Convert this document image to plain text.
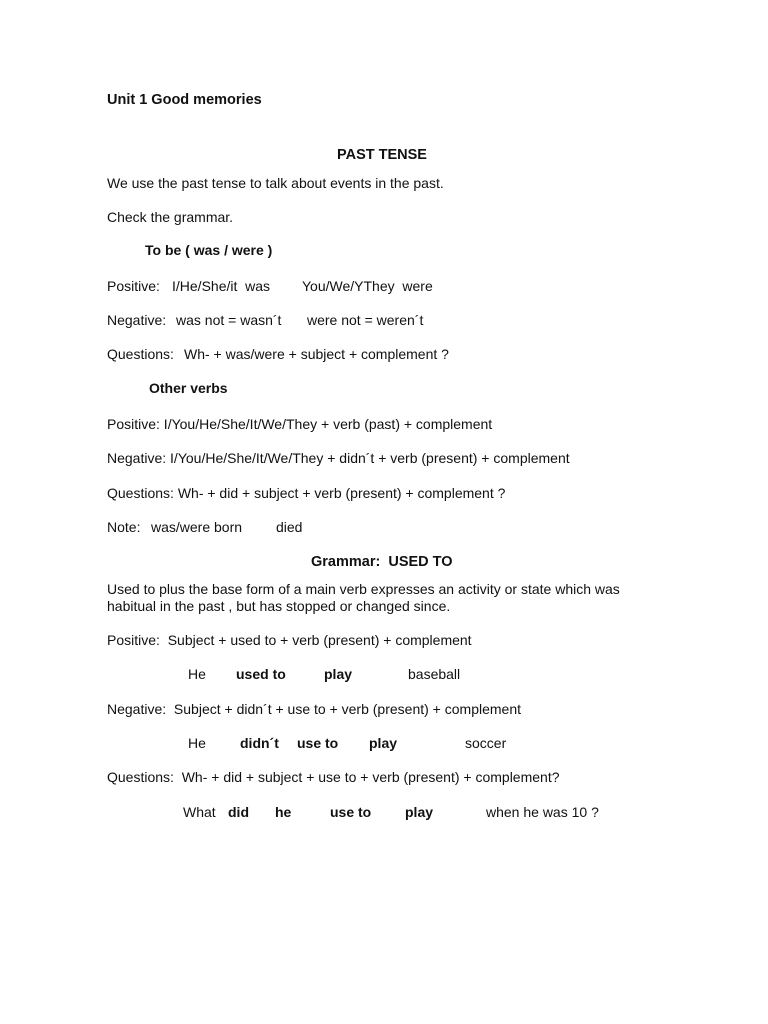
Unit 1 Good memories
PAST TENSE
We use the past tense to talk about events in the past.
Check the grammar.
To be ( was / were )
Positive: I/He/She/it  was You/We/YThey  were
Negative: was not = wasn´t were not = weren´t
Questions: Wh- + was/were + subject + complement ?
Other verbs
Positive: I/You/He/She/It/We/They + verb (past) + complement
Negative: I/You/He/She/It/We/They + didn´t + verb (present) + complement
Questions: Wh- + did + subject + verb (present) + complement ?
Note: was/were born died
Grammar:  USED TO
Used to plus the base form of a main verb expresses an activity or state which was
habitual in the past , but has stopped or changed since.
Positive:  Subject + used to + verb (present) + complement
He used to	play	baseball
Negative:  Subject + didn´t + use to + verb (present) + complement
He didn´t use to play	soccer
Questions:  Wh- + did + subject + use to + verb (present) + complement?
What did he	use to play	when he was 10 ?
